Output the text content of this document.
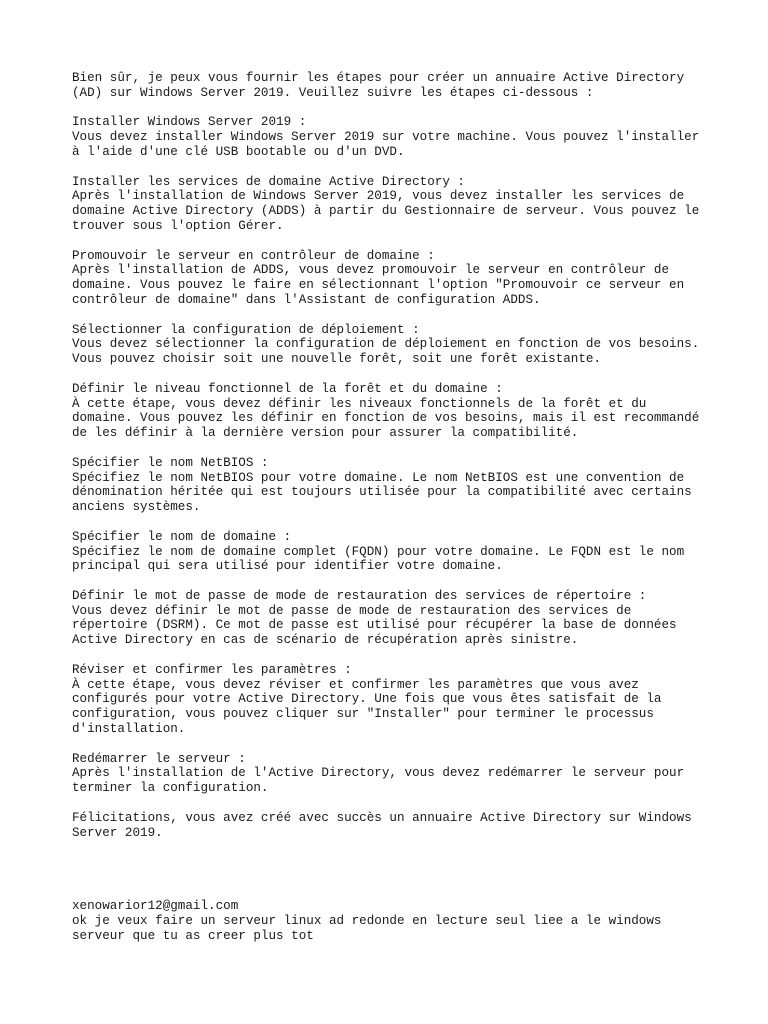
Bien sûr, je peux vous fournir les étapes pour créer un annuaire Active Directory
(AD) sur Windows Server 2019. Veuillez suivre les étapes ci-dessous :
Installer Windows Server 2019 :
Vous devez installer Windows Server 2019 sur votre machine. Vous pouvez l'installer
à l'aide d'une clé USB bootable ou d'un DVD.
Installer les services de domaine Active Directory :
Après l'installation de Windows Server 2019, vous devez installer les services de
domaine Active Directory (ADDS) à partir du Gestionnaire de serveur. Vous pouvez le
trouver sous l'option Gérer.
Promouvoir le serveur en contrôleur de domaine :
Après l'installation de ADDS, vous devez promouvoir le serveur en contrôleur de
domaine. Vous pouvez le faire en sélectionnant l'option "Promouvoir ce serveur en
contrôleur de domaine" dans l'Assistant de configuration ADDS.
Sélectionner la configuration de déploiement :
Vous devez sélectionner la configuration de déploiement en fonction de vos besoins.
Vous pouvez choisir soit une nouvelle forêt, soit une forêt existante.
Définir le niveau fonctionnel de la forêt et du domaine :
À cette étape, vous devez définir les niveaux fonctionnels de la forêt et du
domaine. Vous pouvez les définir en fonction de vos besoins, mais il est recommandé
de les définir à la dernière version pour assurer la compatibilité.
Spécifier le nom NetBIOS :
Spécifiez le nom NetBIOS pour votre domaine. Le nom NetBIOS est une convention de
dénomination héritée qui est toujours utilisée pour la compatibilité avec certains
anciens systèmes.
Spécifier le nom de domaine :
Spécifiez le nom de domaine complet (FQDN) pour votre domaine. Le FQDN est le nom
principal qui sera utilisé pour identifier votre domaine.
Définir le mot de passe de mode de restauration des services de répertoire :
Vous devez définir le mot de passe de mode de restauration des services de
répertoire (DSRM). Ce mot de passe est utilisé pour récupérer la base de données
Active Directory en cas de scénario de récupération après sinistre.
Réviser et confirmer les paramètres :
À cette étape, vous devez réviser et confirmer les paramètres que vous avez
configurés pour votre Active Directory. Une fois que vous êtes satisfait de la
configuration, vous pouvez cliquer sur "Installer" pour terminer le processus
d'installation.
Redémarrer le serveur :
Après l'installation de l'Active Directory, vous devez redémarrer le serveur pour
terminer la configuration.
Félicitations, vous avez créé avec succès un annuaire Active Directory sur Windows
Server 2019.
xenowarior12@gmail.com
ok je veux faire un serveur linux ad redonde en lecture seul liee a le windows
serveur que tu as creer plus tot
